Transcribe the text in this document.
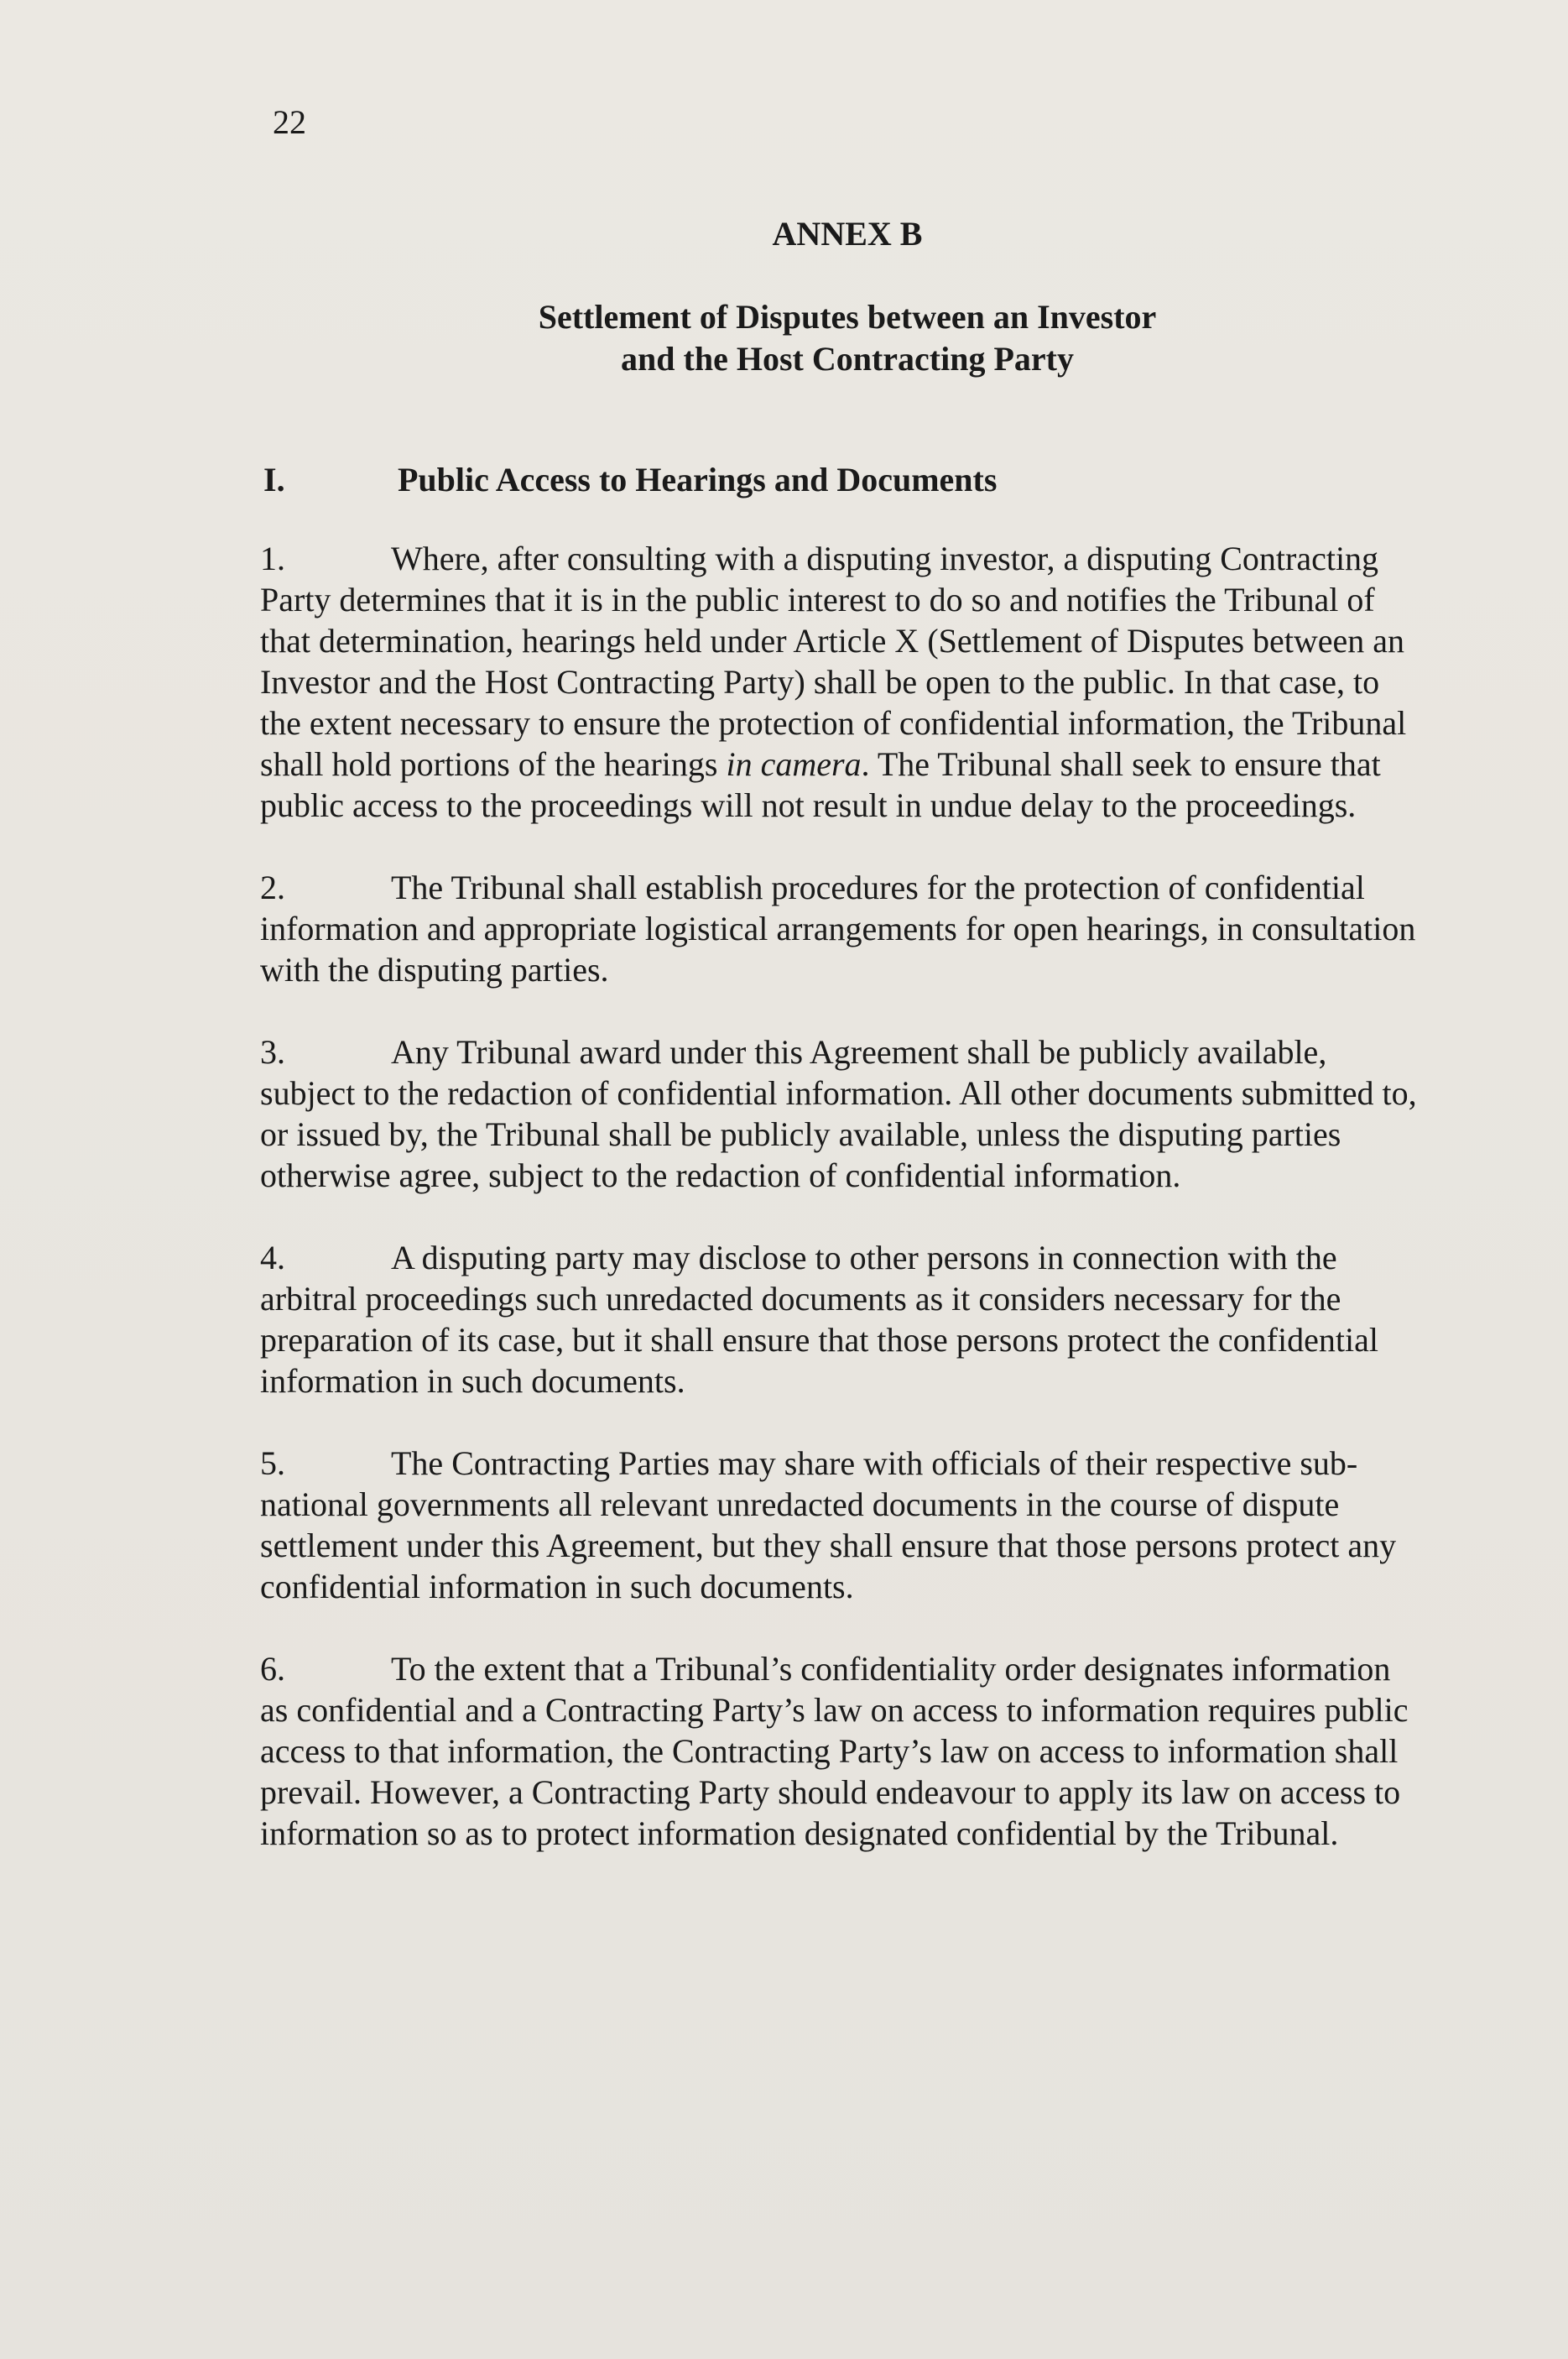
22
ANNEX B
Settlement of Disputes between an Investor
and the Host Contracting Party
I.	Public Access to Hearings and Documents

1.	Where, after consulting with a disputing investor, a disputing Contracting Party determines that it is in the public interest to do so and notifies the Tribunal of that determination, hearings held under Article X (Settlement of Disputes between an Investor and the Host Contracting Party) shall be open to the public. In that case, to the extent necessary to ensure the protection of confidential information, the Tribunal shall hold portions of the hearings in camera. The Tribunal shall seek to ensure that public access to the proceedings will not result in undue delay to the proceedings.

2.	The Tribunal shall establish procedures for the protection of confidential information and appropriate logistical arrangements for open hearings, in consultation with the disputing parties.

3.	Any Tribunal award under this Agreement shall be publicly available, subject to the redaction of confidential information. All other documents submitted to, or issued by, the Tribunal shall be publicly available, unless the disputing parties otherwise agree, subject to the redaction of confidential information.

4.	A disputing party may disclose to other persons in connection with the arbitral proceedings such unredacted documents as it considers necessary for the preparation of its case, but it shall ensure that those persons protect the confidential information in such documents.

5.	The Contracting Parties may share with officials of their respective sub-national governments all relevant unredacted documents in the course of dispute settlement under this Agreement, but they shall ensure that those persons protect any confidential information in such documents.

6.	To the extent that a Tribunal’s confidentiality order designates information as confidential and a Contracting Party’s law on access to information requires public access to that information, the Contracting Party’s law on access to information shall prevail. However, a Contracting Party should endeavour to apply its law on access to information so as to protect information designated confidential by the Tribunal.
